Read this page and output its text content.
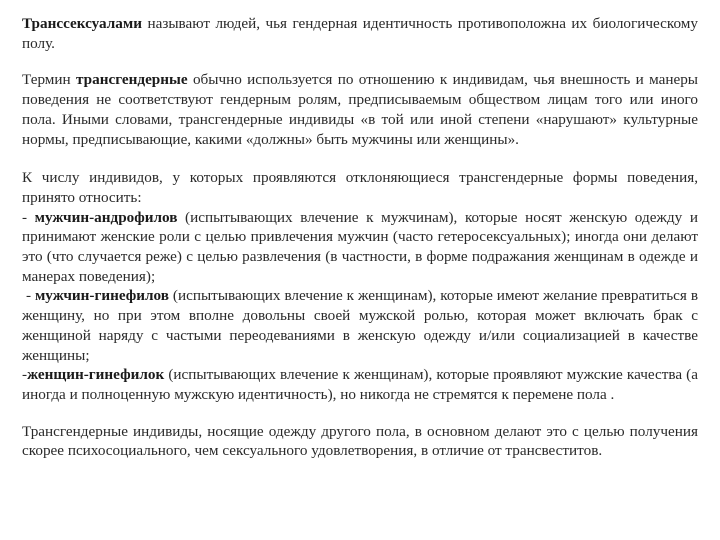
Транссексуалами называют людей, чья гендерная идентичность противоположна их биологическому полу.

Термин трансгендерные обычно используется по отношению к индивидам, чья внешность и манеры поведения не соответствуют гендерным ролям, предписываемым обществом лицам того или иного пола. Иными словами, трансгендерные индивиды «в той или иной степени «нарушают» культурные нормы, предписывающие, какими «должны» быть мужчины или женщины».

К числу индивидов, у которых проявляются отклоняющиеся трансгендерные формы поведения, принято относить:
- мужчин-андрофилов (испытывающих влечение к мужчинам), которые носят женскую одежду и принимают женские роли с целью привлечения мужчин (часто гетеросексуальных); иногда они делают это (что случается реже) с целью развлечения (в частности, в форме подражания женщинам в одежде и манерах поведения);
- мужчин-гинефилов (испытывающих влечение к женщинам), которые имеют желание превратиться в женщину, но при этом вполне довольны своей мужской ролью, которая может включать брак с женщиной наряду с частыми переодеваниями в женскую одежду и/или социализацией в качестве женщины;
-женщин-гинефилок (испытывающих влечение к женщинам), которые проявляют мужские качества (а иногда и полноценную мужскую идентичность), но никогда не стремятся к перемене пола .

Трансгендерные индивиды, носящие одежду другого пола, в основном делают это с целью получения скорее психосоциального, чем сексуального удовлетворения, в отличие от трансвеститов.
